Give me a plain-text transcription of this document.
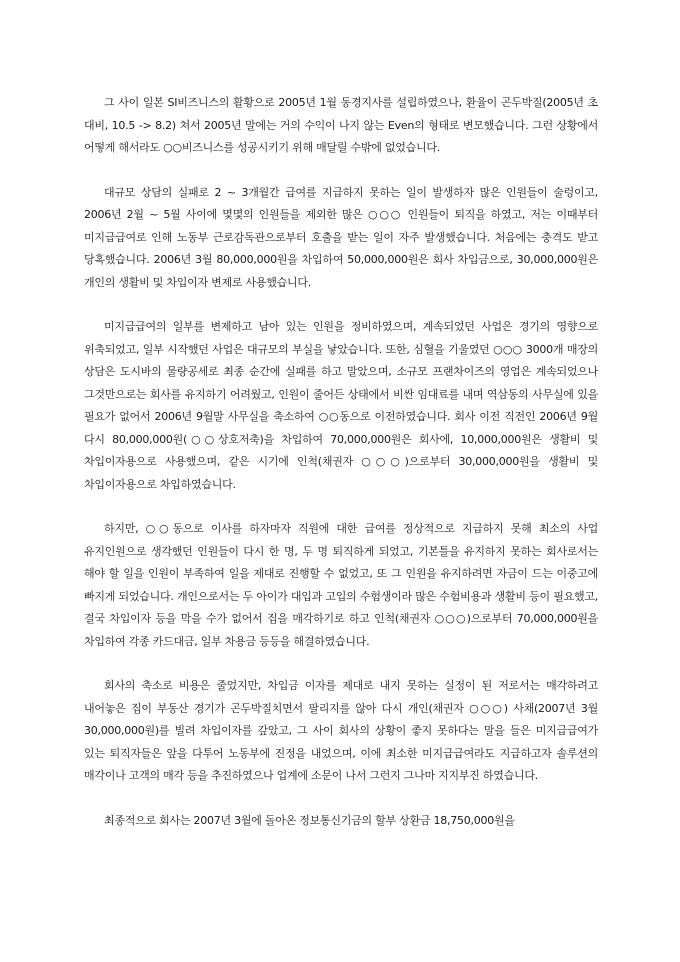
그 사이 일본 SI비즈니스의 활황으로 2005년 1월 동경지사를 설립하였으나, 환율이 곤두박질(2005년 초 대비, 10.5 -> 8.2) 쳐서 2005년 말에는 거의 수익이 나지 않는 Even의 형태로 변모했습니다. 그런 상황에서 어떻게 해서라도 ○○비즈니스를 성공시키기 위해 매달릴 수밖에 없었습니다.

대규모 상담의 실패로 2 ~ 3개월간 급여를 지급하지 못하는 일이 발생하자 많은 인원들이 술렁이고, 2006년 2월 ~ 5월 사이에 몇몇의 인원들을 제외한 많은 ○○○ 인원들이 퇴직을 하였고, 저는 이때부터 미지급급여로 인해 노동부 근로감독관으로부터 호출을 받는 일이 자주 발생했습니다. 처음에는 충격도 받고 당혹했습니다. 2006년 3월 80,000,000원을 차입하여 50,000,000원은 회사 차입금으로, 30,000,000원은 개인의 생활비 및 차입이자 변제로 사용했습니다.

미지급급여의 일부를 변제하고 남아 있는 인원을 정비하였으며, 계속되었던 사업은 경기의 영향으로 위축되었고, 일부 시작했던 사업은 대규모의 부실을 낳았습니다. 또한, 심혈을 기울였던 ○○○ 3000개 매장의 상담은 도시바의 물량공세로 최종 순간에 실패를 하고 말았으며, 소규모 프랜차이즈의 영업은 계속되었으나 그것만으로는 회사를 유지하기 어려웠고, 인원이 줄어든 상태에서 비싼 임대료를 내며 역삼동의 사무실에 있을 필요가 없어서 2006년 9월말 사무실을 축소하여 ○○동으로 이전하였습니다. 회사 이전 직전인 2006년 9월 다시 80,000,000원(○○상호저축)을 차입하여 70,000,000원은 회사에, 10,000,000원은 생활비 및 차입이자용으로 사용했으며, 같은 시기에 인척(채권자 ○○○)으로부터 30,000,000원을 생활비 및 차입이자용으로 차입하였습니다.

하지만, ○○동으로 이사를 하자마자 직원에 대한 급여를 정상적으로 지급하지 못해 최소의 사업 유지인원으로 생각했던 인원들이 다시 한 명, 두 명 퇴직하게 되었고, 기본틀을 유지하지 못하는 회사로서는 해야 할 일을 인원이 부족하여 일을 제대로 진행할 수 없었고, 또 그 인원을 유지하려면 자금이 드는 이중고에 빠지게 되었습니다. 개인으로서는 두 아이가 대입과 고입의 수험생이라 많은 수험비용과 생활비 등이 필요했고, 결국 차입이자 등을 막을 수가 없어서 집을 매각하기로 하고 인척(채권자 ○○○)으로부터 70,000,000원을 차입하여 각종 카드대금, 일부 차용금 등등을 해결하였습니다.

회사의 축소로 비용은 줄었지만, 차입금 이자를 제대로 내지 못하는 실정이 된 저로서는 매각하려고 내어놓은 집이 부동산 경기가 곤두박질치면서 팔리지를 않아 다시 개인(채권자 ○○○) 사채(2007년 3월 30,000,000원)를 빌려 차입이자를 갚았고, 그 사이 회사의 상황이 좋지 못하다는 말을 들은 미지급급여가 있는 퇴직자들은 앞을 다투어 노동부에 진정을 내었으며, 이에 최소한 미지급급여라도 지급하고자 솔루션의 매각이나 고객의 매각 등을 추진하였으나 업계에 소문이 나서 그런지 그나마 지지부진 하였습니다.

최종적으로 회사는 2007년 3월에 돌아온 정보통신기금의 할부 상환금 18,750,000원을
